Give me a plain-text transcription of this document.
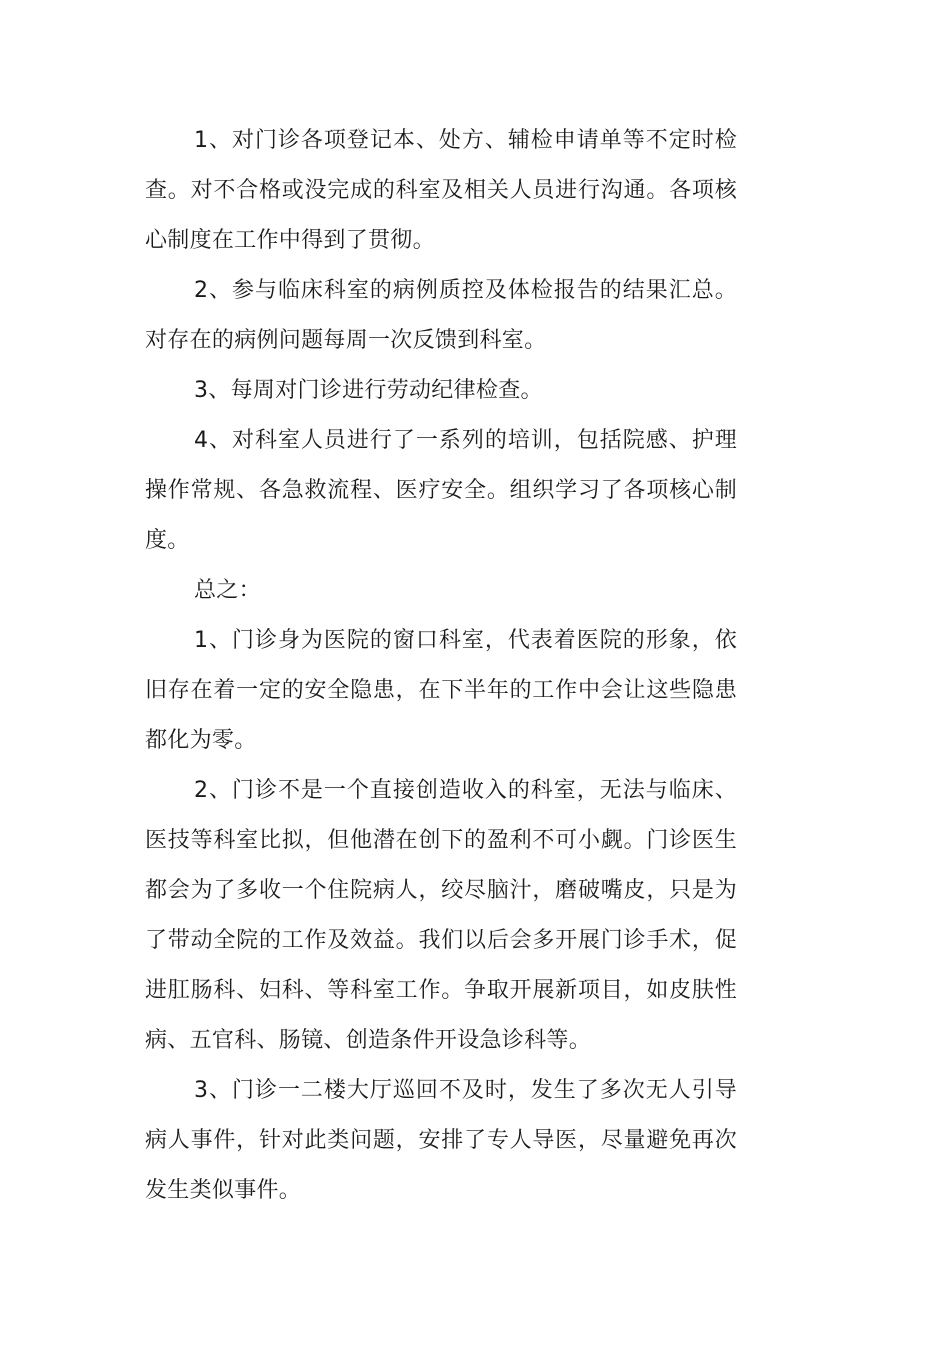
1、对门诊各项登记本、处方、辅检申请单等不定时检查。对不合格或没完成的科室及相关人员进行沟通。各项核心制度在工作中得到了贯彻。

2、参与临床科室的病例质控及体检报告的结果汇总。对存在的病例问题每周一次反馈到科室。

3、每周对门诊进行劳动纪律检查。

4、对科室人员进行了一系列的培训，包括院感、护理操作常规、各急救流程、医疗安全。组织学习了各项核心制度。

总之：

1、门诊身为医院的窗口科室，代表着医院的形象，依旧存在着一定的安全隐患，在下半年的工作中会让这些隐患都化为零。

2、门诊不是一个直接创造收入的科室，无法与临床、医技等科室比拟，但他潜在创下的盈利不可小觑。门诊医生都会为了多收一个住院病人，绞尽脑汁，磨破嘴皮，只是为了带动全院的工作及效益。我们以后会多开展门诊手术，促进肛肠科、妇科、等科室工作。争取开展新项目，如皮肤性病、五官科、肠镜、创造条件开设急诊科等。

3、门诊一二楼大厅巡回不及时，发生了多次无人引导病人事件，针对此类问题，安排了专人导医，尽量避免再次发生类似事件。
